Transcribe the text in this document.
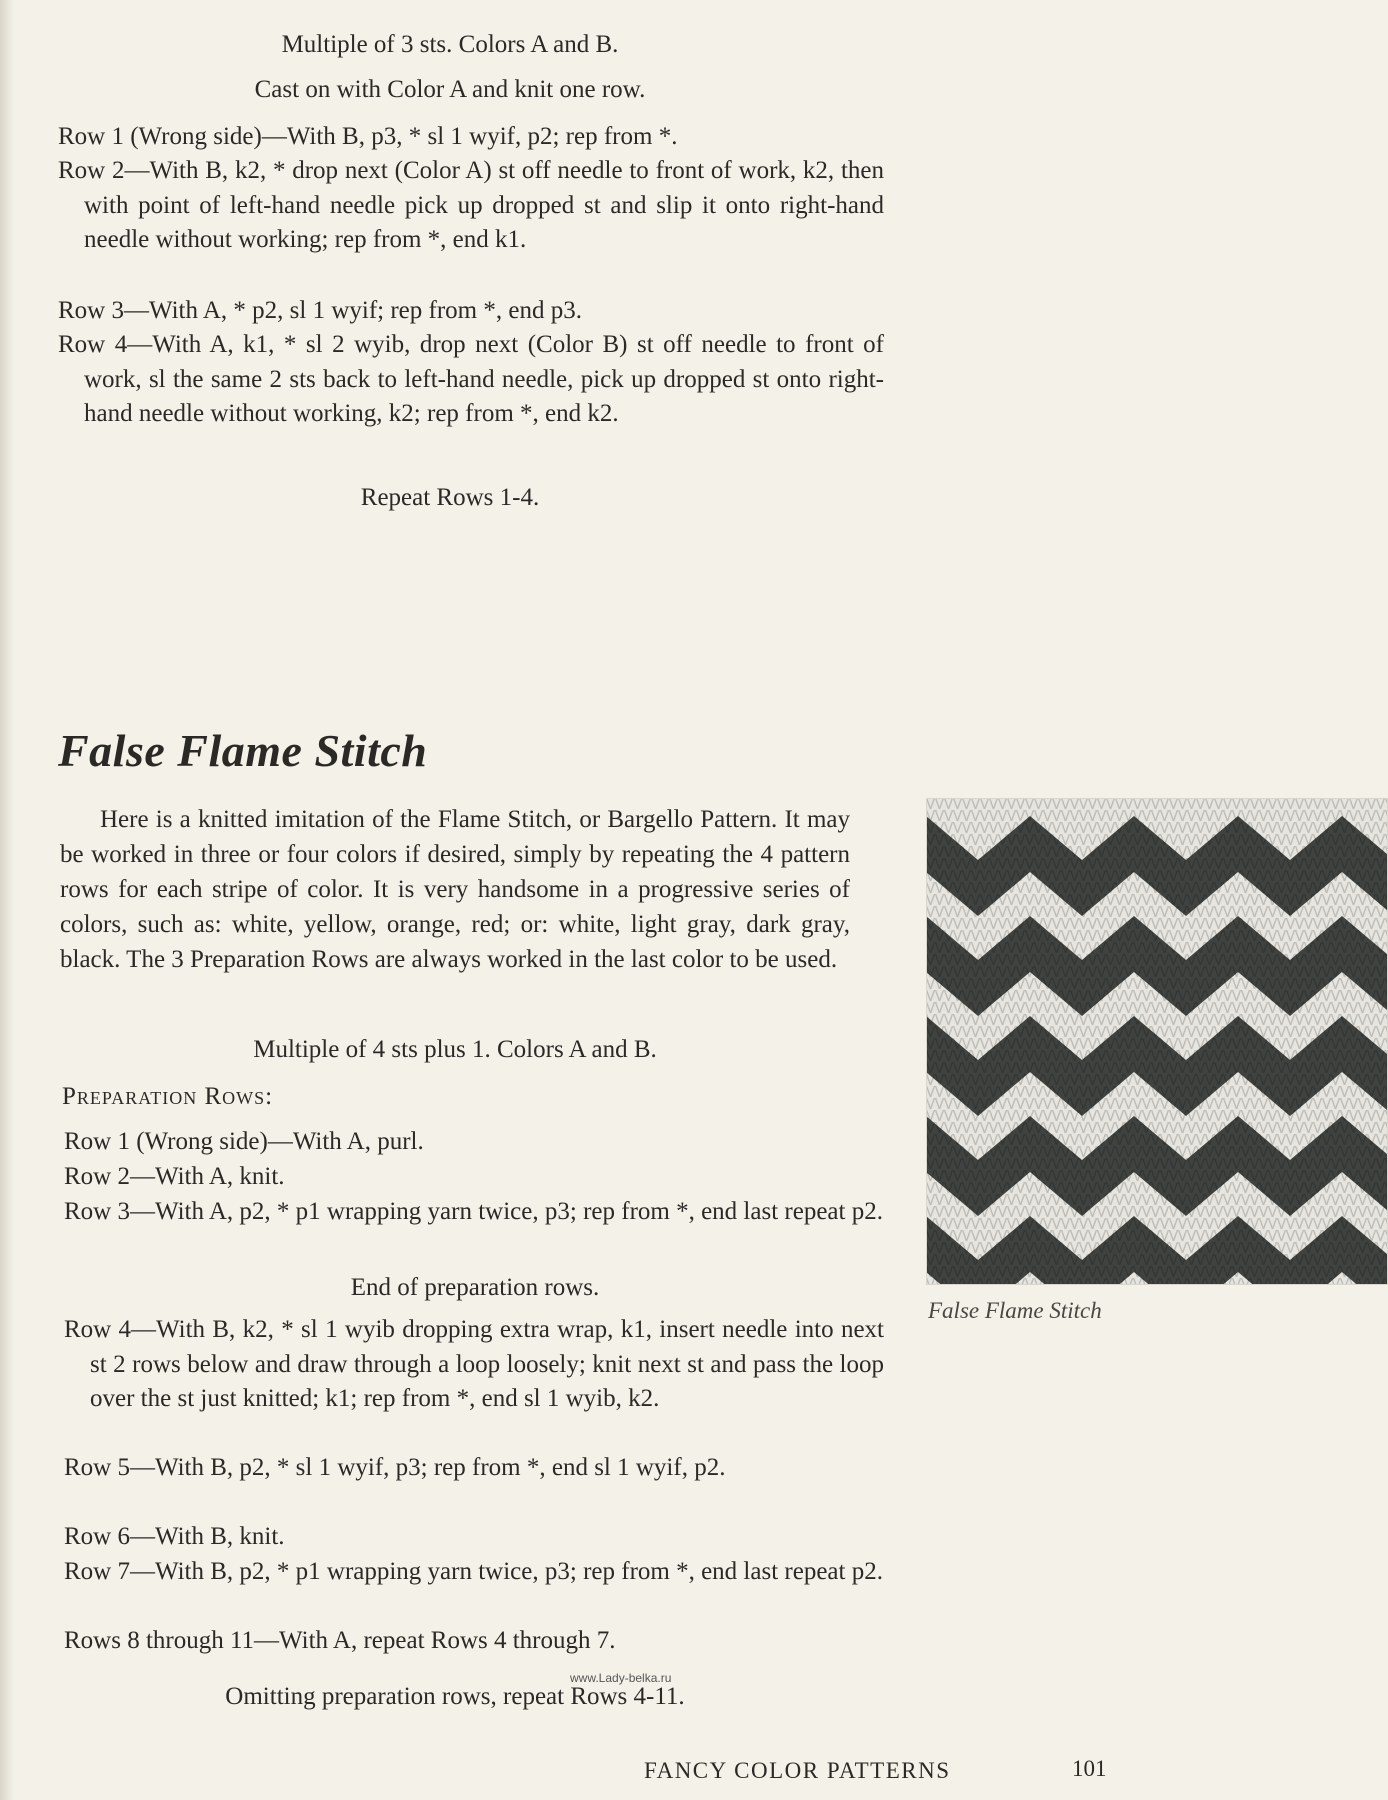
Multiple of 3 sts. Colors A and B.
Cast on with Color A and knit one row.
Row 1 (Wrong side)—With B, p3, * sl 1 wyif, p2; rep from *.
Row 2—With B, k2, * drop next (Color A) st off needle to front of work, k2, then with point of left-hand needle pick up dropped st and slip it onto right-hand needle without working; rep from *, end k1.
Row 3—With A, * p2, sl 1 wyif; rep from *, end p3.
Row 4—With A, k1, * sl 2 wyib, drop next (Color B) st off needle to front of work, sl the same 2 sts back to left-hand needle, pick up dropped st onto right-hand needle without working, k2; rep from *, end k2.
Repeat Rows 1-4.
False Flame Stitch

Here is a knitted imitation of the Flame Stitch, or Bargello Pattern. It may be worked in three or four colors if desired, simply by repeating the 4 pattern rows for each stripe of color. It is very handsome in a progressive series of colors, such as: white, yellow, orange, red; or: white, light gray, dark gray, black. The 3 Preparation Rows are always worked in the last color to be used.

Multiple of 4 sts plus 1. Colors A and B.
Preparation Rows:
Row 1 (Wrong side)—With A, purl.
Row 2—With A, knit.
Row 3—With A, p2, * p1 wrapping yarn twice, p3; rep from *, end last repeat p2.
End of preparation rows.
Row 4—With B, k2, * sl 1 wyib dropping extra wrap, k1, insert needle into next st 2 rows below and draw through a loop loosely; knit next st and pass the loop over the st just knitted; k1; rep from *, end sl 1 wyib, k2.
Row 5—With B, p2, * sl 1 wyif, p3; rep from *, end sl 1 wyif, p2.
Row 6—With B, knit.
Row 7—With B, p2, * p1 wrapping yarn twice, p3; rep from *, end last repeat p2.
Rows 8 through 11—With A, repeat Rows 4 through 7.
Omitting preparation rows, repeat Rows 4-11.
False Flame Stitch
www.Lady-belka.ru
FANCY COLOR PATTERNS	101
